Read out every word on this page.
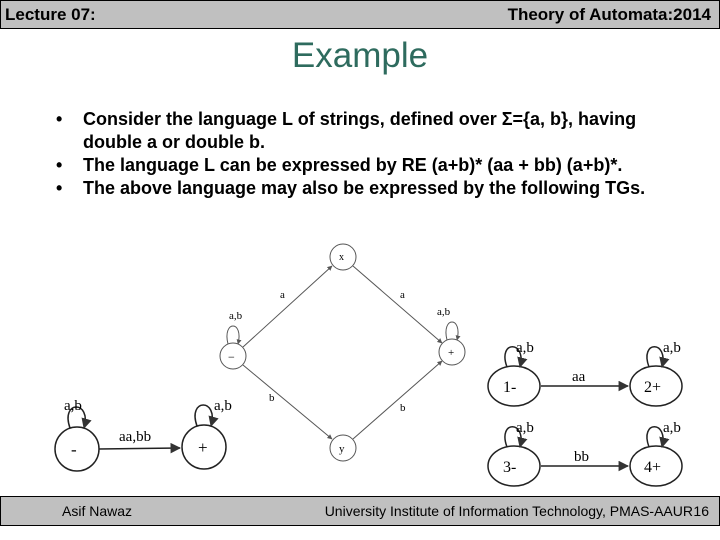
Lecture 07:	Theory of Automata:2014
Example
• Consider the language L of strings, defined over Σ={a, b}, having double a or double b.
• The language L can be expressed by RE (a+b)* (aa + bb) (a+b)*.
• The above language may also be expressed by the following TGs.
-	+
a,b	a,b
aa,bb
−
x
y
+
a,b	a,b
a	a
b
b
1-	2+
a,b	a,b
aa
3-	4+
a,b	a,b
bb
Asif Nawaz	University Institute of Information Technology, PMAS-AAUR 16
